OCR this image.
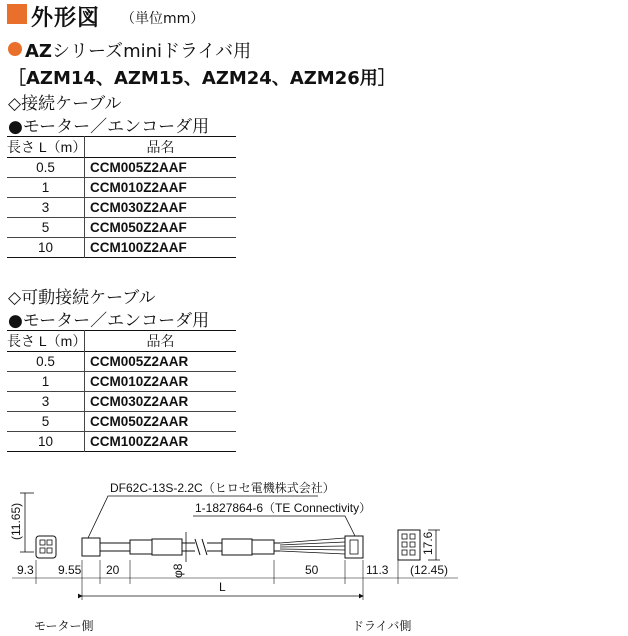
外形図 （単位mm）
AZシリーズminiドライバ用
［AZM14、AZM15、AZM24、AZM26用］
◇接続ケーブル
●モーター／エンコーダ用
長さ L（m）	品名
0.5	CCM005Z2AAF
1	CCM010Z2AAF
3	CCM030Z2AAF
5	CCM050Z2AAF
10	CCM100Z2AAF
◇可動接続ケーブル
●モーター／エンコーダ用
長さ L（m）	品名
0.5	CCM005Z2AAR
1	CCM010Z2AAR
3	CCM030Z2AAR
5	CCM050Z2AAR
10	CCM100Z2AAR
(11.65)
17.6
DF62C-13S-2.2C（ヒロセ電機株式会社）
1-1827864-6（TE Connectivity）
φ8
9.3 9.55 20	50	11.3 (12.45)
L
モーター側	ドライバ側
